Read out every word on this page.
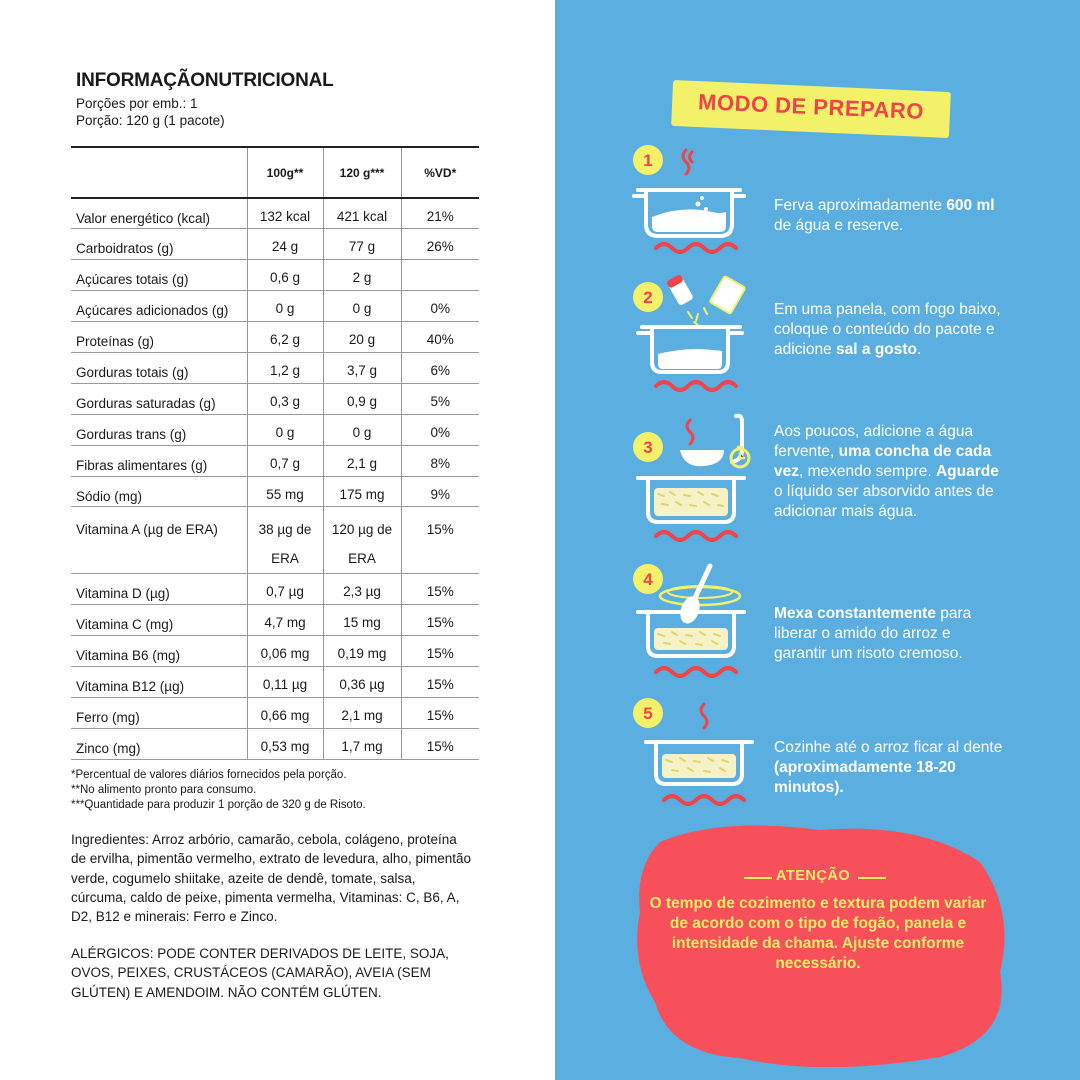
INFORMAÇÃONUTRICIONAL
Porções por emb.: 1
Porção: 120 g (1 pacote)
	100g**	120 g***	%VD*
Valor energético (kcal)	132 kcal	421 kcal	21%
Carboidratos (g)	24 g	77 g	26%
Açúcares totais (g)	0,6 g	2 g	
Açúcares adicionados (g)	0 g	0 g	0%
Proteínas (g)	6,2 g	20 g	40%
Gorduras totais (g)	1,2 g	3,7 g	6%
Gorduras saturadas (g)	0,3 g	0,9 g	5%
Gorduras trans (g)	0 g	0 g	0%
Fibras alimentares (g)	0,7 g	2,1 g	8%
Sódio (mg)	55 mg	175 mg	9%
Vitamina A (µg de ERA)	38 µg de ERA	120 µg de ERA	15%
Vitamina D (µg)	0,7 µg	2,3 µg	15%
Vitamina C (mg)	4,7 mg	15 mg	15%
Vitamina B6 (mg)	0,06 mg	0,19 mg	15%
Vitamina B12 (µg)	0,11 µg	0,36 µg	15%
Ferro (mg)	0,66 mg	2,1 mg	15%
Zinco (mg)	0,53 mg	1,7 mg	15%
*Percentual de valores diários fornecidos pela porção.
**No alimento pronto para consumo.
***Quantidade para produzir 1 porção de 320 g de Risoto.
Ingredientes: Arroz arbório, camarão, cebola, colágeno, proteína de ervilha, pimentão vermelho, extrato de levedura, alho, pimentão verde, cogumelo shiitake, azeite de dendê, tomate, salsa, cúrcuma, caldo de peixe, pimenta vermelha, Vitaminas: C, B6, A, D2, B12 e minerais: Ferro e Zinco.
ALÉRGICOS: PODE CONTER DERIVADOS DE LEITE, SOJA, OVOS, PEIXES, CRUSTÁCEOS (CAMARÃO), AVEIA (SEM GLÚTEN) E AMENDOIM. NÃO CONTÉM GLÚTEN.
MODO DE PREPARO
1
2
3
4
5
Ferva aproximadamente 600 ml de água e reserve.
Em uma panela, com fogo baixo, coloque o conteúdo do pacote e adicione sal a gosto.
Aos poucos, adicione a água fervente, uma concha de cada vez, mexendo sempre. Aguarde o líquido ser absorvido antes de adicionar mais água.
Mexa constantemente para liberar o amido do arroz e garantir um risoto cremoso.
Cozinhe até o arroz ficar al dente (aproximadamente 18-20 minutos).
ATENÇÃO
O tempo de cozimento e textura podem variar de acordo com o tipo de fogão, panela e intensidade da chama. Ajuste conforme necessário.
